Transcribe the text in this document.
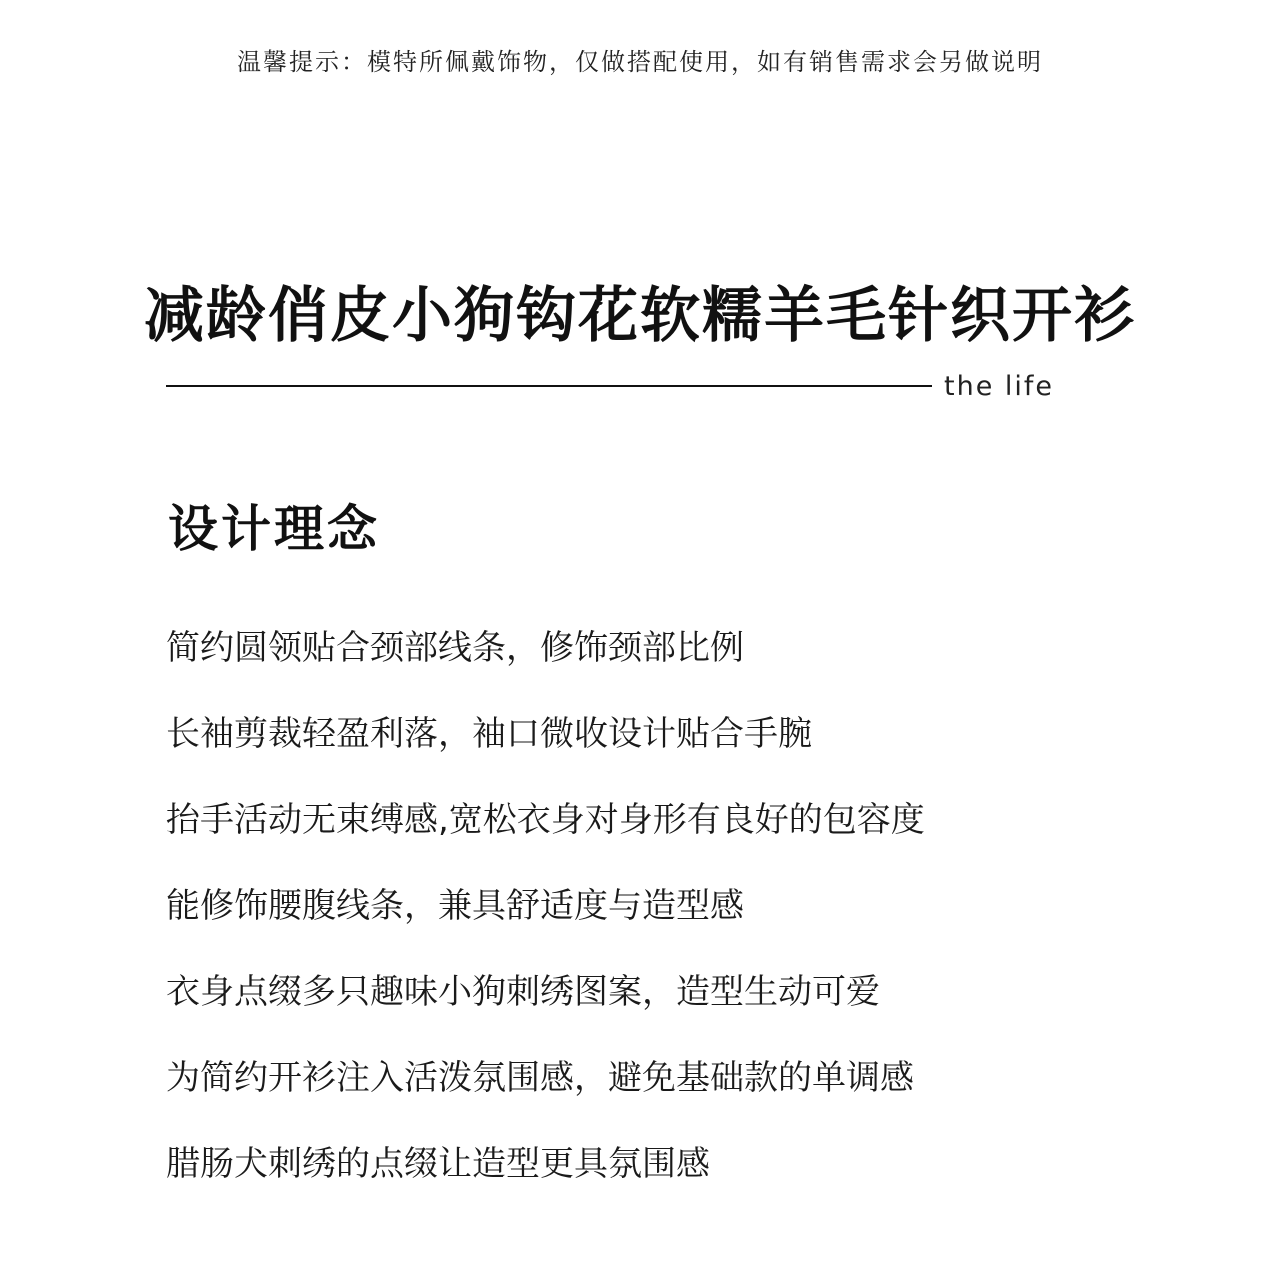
温馨提示：模特所佩戴饰物，仅做搭配使用，如有销售需求会另做说明
减龄俏皮小狗钩花软糯羊毛针织开衫
the life
设计理念
简约圆领贴合颈部线条，修饰颈部比例
长袖剪裁轻盈利落，袖口微收设计贴合手腕
抬手活动无束缚感,宽松衣身对身形有良好的包容度
能修饰腰腹线条，兼具舒适度与造型感
衣身点缀多只趣味小狗刺绣图案，造型生动可爱
为简约开衫注入活泼氛围感，避免基础款的单调感
腊肠犬刺绣的点缀让造型更具氛围感
